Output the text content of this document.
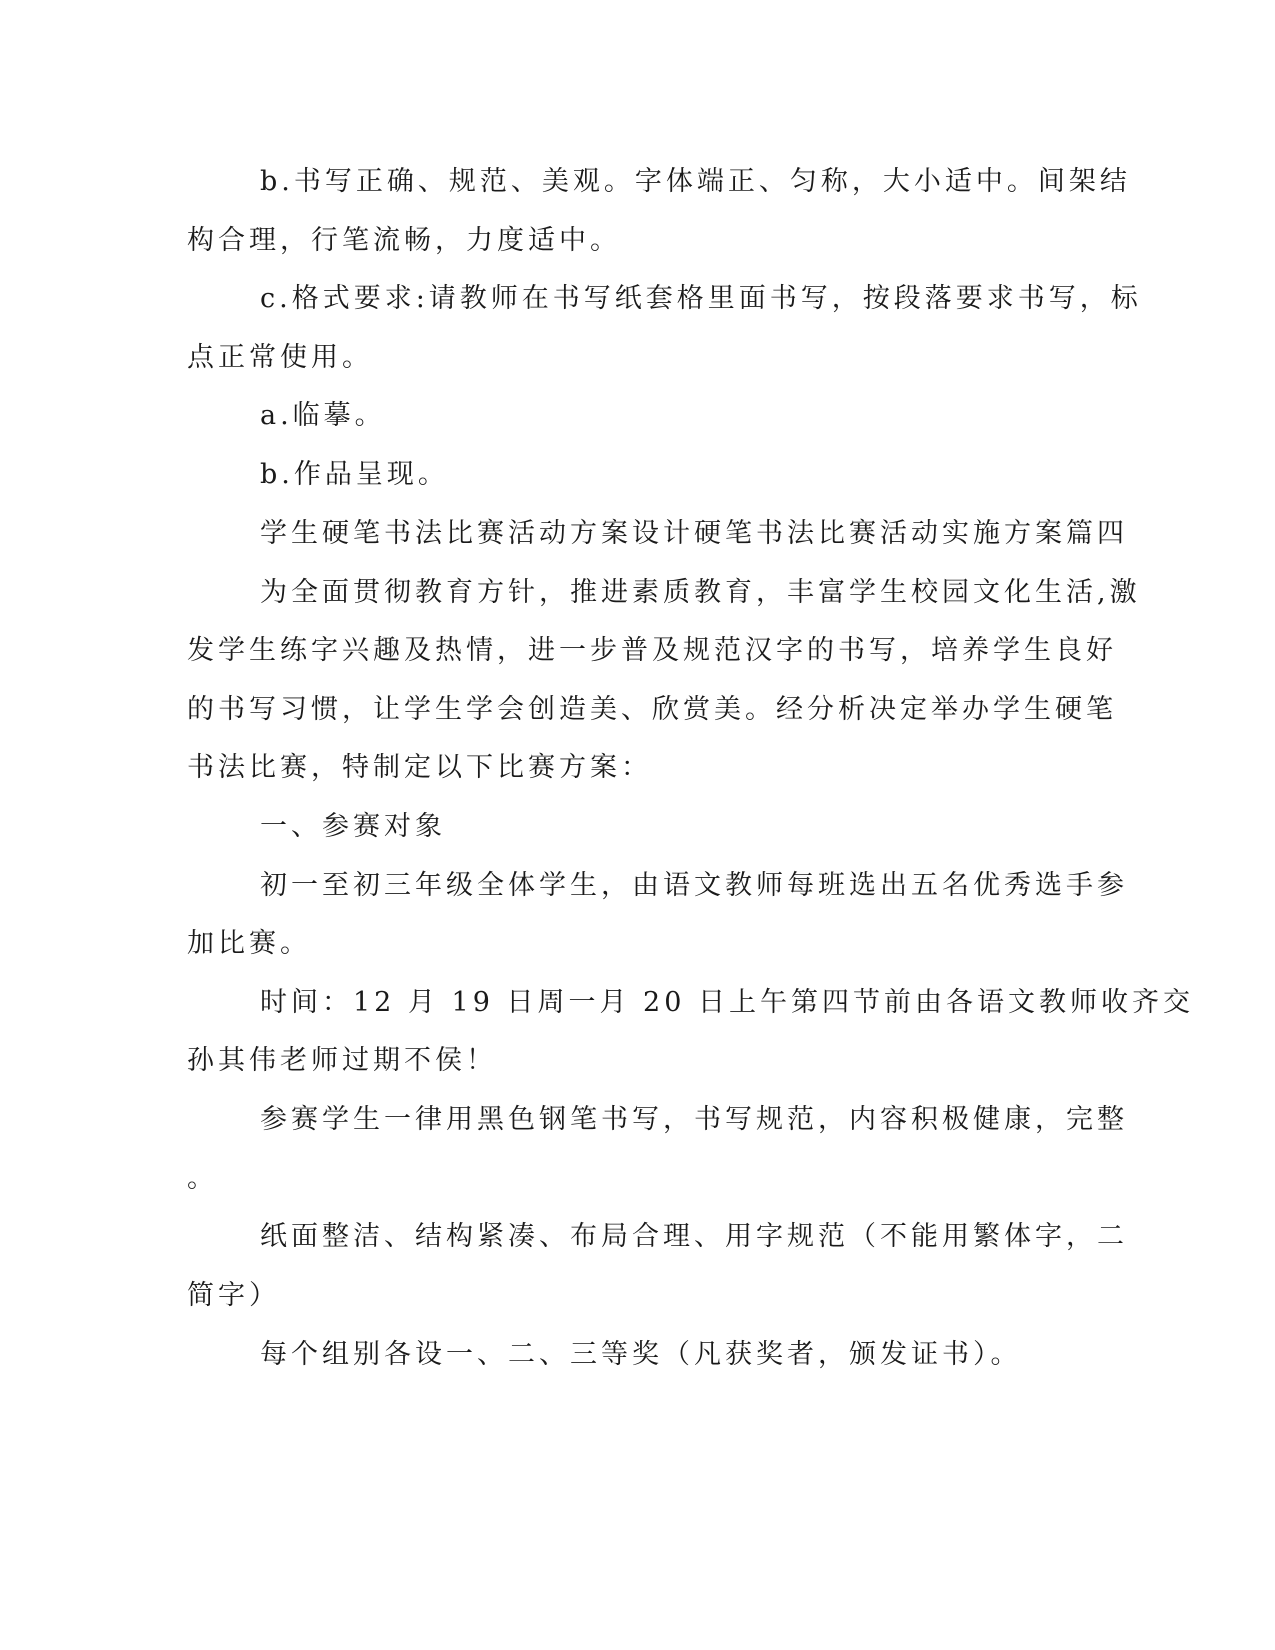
b.书写正确、规范、美观。字体端正、匀称，大小适中。间架结
构合理，行笔流畅，力度适中。
c.格式要求:请教师在书写纸套格里面书写，按段落要求书写，标
点正常使用。
a.临摹。
b.作品呈现。
学生硬笔书法比赛活动方案设计硬笔书法比赛活动实施方案篇四
为全面贯彻教育方针，推进素质教育，丰富学生校园文化生活,激
发学生练字兴趣及热情，进一步普及规范汉字的书写，培养学生良好
的书写习惯，让学生学会创造美、欣赏美。经分析决定举办学生硬笔
书法比赛，特制定以下比赛方案：
一、参赛对象
初一至初三年级全体学生，由语文教师每班选出五名优秀选手参
加比赛。
时间：12 月 19 日周一月 20 日上午第四节前由各语文教师收齐交
孙其伟老师过期不侯！
参赛学生一律用黑色钢笔书写，书写规范，内容积极健康，完整
。
纸面整洁、结构紧凑、布局合理、用字规范（不能用繁体字，二
简字）
每个组别各设一、二、三等奖（凡获奖者，颁发证书）。
